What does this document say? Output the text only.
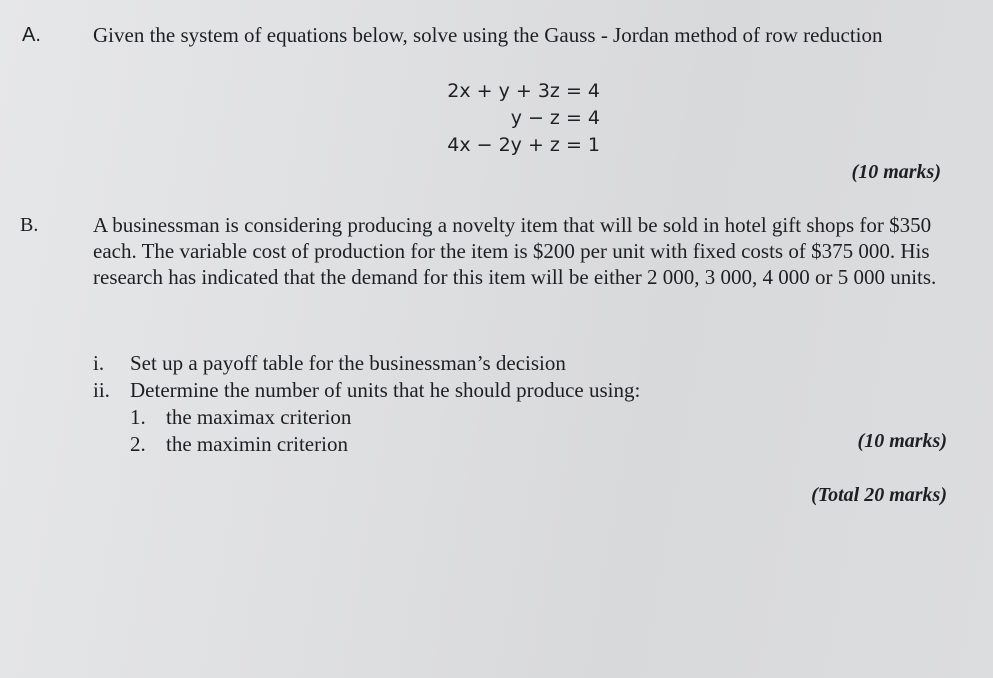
A. Given the system of equations below, solve using the Gauss - Jordan method of row reduction
2x + y + 3z = 4
y − z = 4
4x − 2y + z = 1
(10 marks)
B.	A businessman is considering producing a novelty item that will be sold in hotel gift shops for $350 each. The variable cost of production for the item is $200 per unit with fixed costs of $375 000. His research has indicated that the demand for this item will be either 2 000, 3 000, 4 000 or 5 000 units.
i. Set up a payoff table for the businessman’s decision
ii. Determine the number of units that he should produce using:
1. the maximax criterion
2. the maximin criterion	(10 marks)
(Total 20 marks)
